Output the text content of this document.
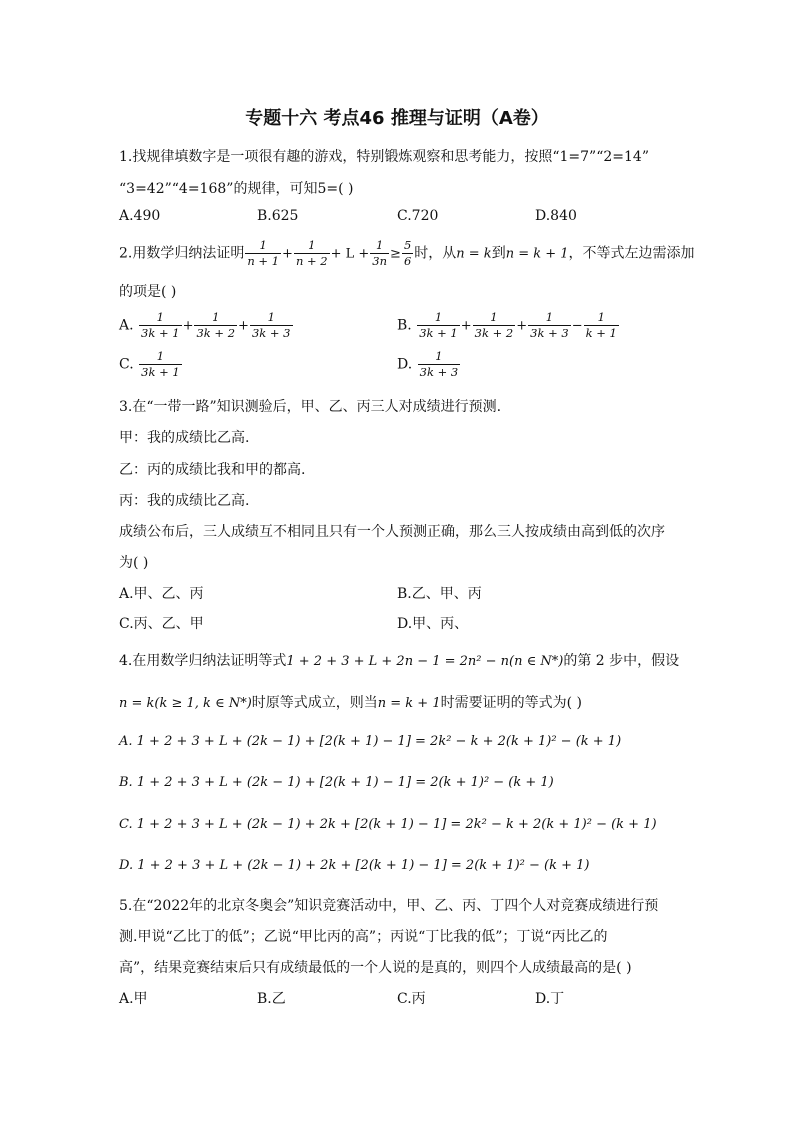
专题十六 考点46 推理与证明（A卷）
1.找规律填数字是一项很有趣的游戏，特别锻炼观察和思考能力，按照“1=7”“2=14”
“3=42”“4=168”的规律，可知5=( )
A.490	B.625	C.720	D.840
2.用数学归纳法证明 $\frac{1}{n + 1} + \frac{1}{n + 2} + L + \frac{1}{3n} \ge \frac{5}{6}$ 时，从n = k到n = k + 1，不等式左边需添加
的项是( )
A. $\frac{1}{3k + 1} + \frac{1}{3k + 2} + \frac{1}{3k + 3}$	B. $\frac{1}{3k + 1} + \frac{1}{3k + 2} + \frac{1}{3k + 3} - \frac{1}{k + 1}$
C. $\frac{1}{3k + 1}$	D. $\frac{1}{3k + 3}$
3.在“一带一路”知识测验后，甲、乙、丙三人对成绩进行预测.
甲：我的成绩比乙高.
乙：丙的成绩比我和甲的都高.
丙：我的成绩比乙高.
成绩公布后，三人成绩互不相同且只有一个人预测正确，那么三人按成绩由高到低的次序
为( )
A.甲、乙、丙	B.乙、甲、丙
C.丙、乙、甲	D.甲、丙、
4.在用数学归纳法证明等式1 + 2 + 3 + L + 2n − 1 = 2n² − n(n ∈ N*)的第 2 步中，假设
n = k(k ≥ 1, k ∈ N*)时原等式成立，则当n = k + 1时需要证明的等式为( )
A. 1 + 2 + 3 + L + (2k − 1) + [2(k + 1) − 1] = 2k² − k + 2(k + 1)² − (k + 1)
B. 1 + 2 + 3 + L + (2k − 1) + [2(k + 1) − 1] = 2(k + 1)² − (k + 1)
C. 1 + 2 + 3 + L + (2k − 1) + 2k + [2(k + 1) − 1] = 2k² − k + 2(k + 1)² − (k + 1)
D. 1 + 2 + 3 + L + (2k − 1) + 2k + [2(k + 1) − 1] = 2(k + 1)² − (k + 1)
5.在“2022年的北京冬奥会”知识竞赛活动中，甲、乙、丙、丁四个人对竞赛成绩进行预
测.甲说“乙比丁的低”；乙说“甲比丙的高”；丙说“丁比我的低”；丁说“丙比乙的
高”，结果竞赛结束后只有成绩最低的一个人说的是真的，则四个人成绩最高的是( )
A.甲	B.乙	C.丙	D.丁
